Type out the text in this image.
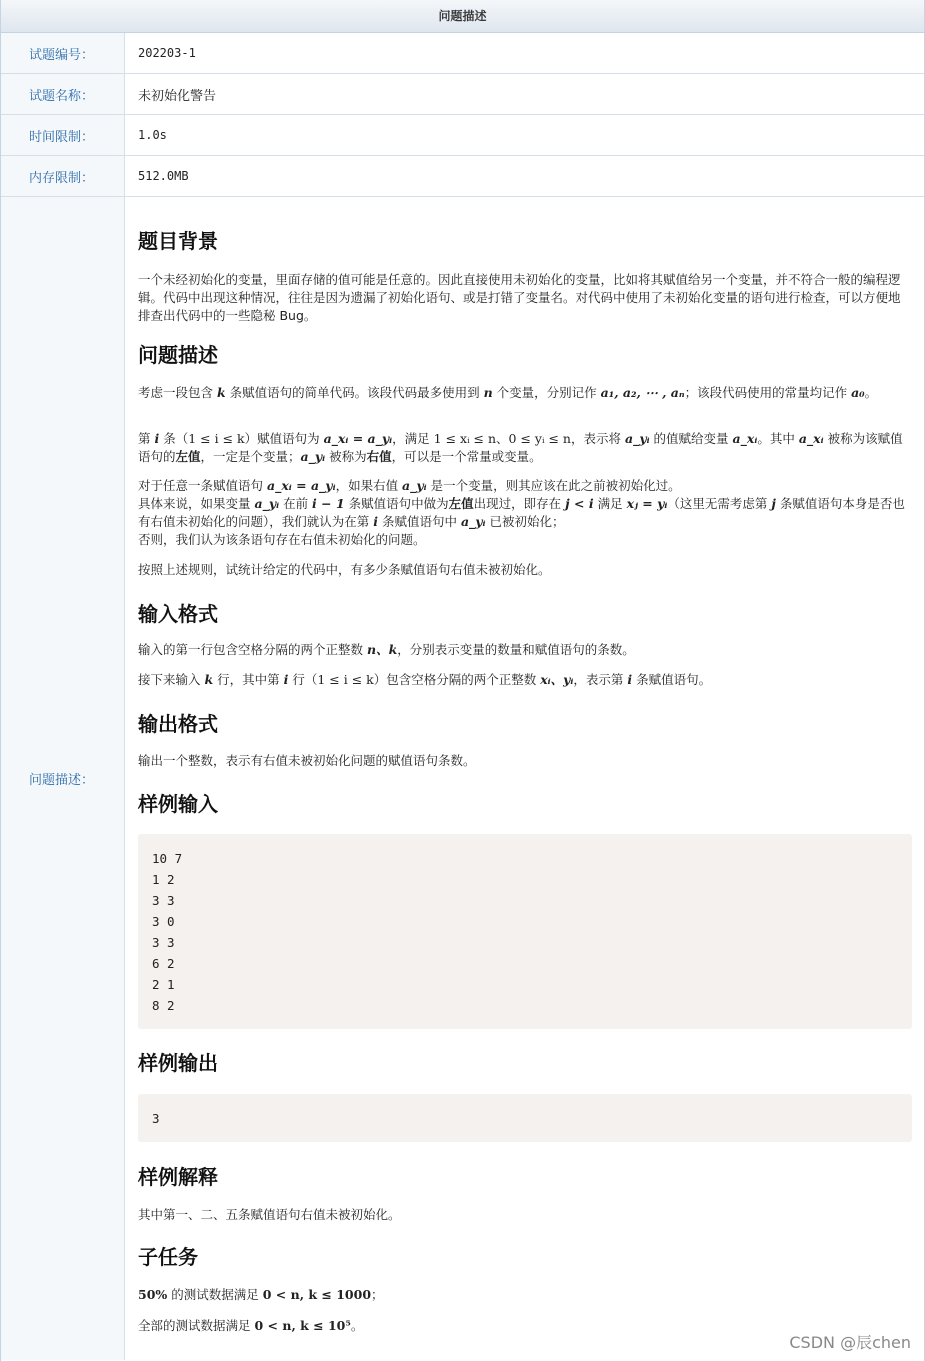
问题描述
试题编号：	202203-1
试题名称：	未初始化警告
时间限制：	1.0s
内存限制：	512.0MB
问题描述：
题目背景

一个未经初始化的变量，里面存储的值可能是任意的。因此直接使用未初始化的变量，比如将其赋值给另一个变量，并不符合一般的编程逻辑。代码中出现这种情况，往往是因为遗漏了初始化语句、或是打错了变量名。对代码中使用了未初始化变量的语句进行检查，可以方便地排查出代码中的一些隐秘 Bug。

问题描述

考虑一段包含 k 条赋值语句的简单代码。该段代码最多使用到 n 个变量，分别记作 a₁, a₂, ⋯ , aₙ；该段代码使用的常量均记作 a₀。

第 i 条（1 ≤ i ≤ k）赋值语句为 a_xᵢ = a_yᵢ，满足 1 ≤ xᵢ ≤ n、0 ≤ yᵢ ≤ n，表示将 a_yᵢ 的值赋给变量 a_xᵢ。其中 a_xᵢ 被称为该赋值语句的左值，一定是个变量；a_yᵢ 被称为右值，可以是一个常量或变量。

对于任意一条赋值语句 a_xᵢ = a_yᵢ，如果右值 a_yᵢ 是一个变量，则其应该在此之前被初始化过。
具体来说，如果变量 a_yᵢ 在前 i − 1 条赋值语句中做为左值出现过，即存在 j < i 满足 xⱼ = yᵢ（这里无需考虑第 j 条赋值语句本身是否也有右值未初始化的问题），我们就认为在第 i 条赋值语句中 a_yᵢ 已被初始化；
否则，我们认为该条语句存在右值未初始化的问题。

按照上述规则，试统计给定的代码中，有多少条赋值语句右值未被初始化。

输入格式

输入的第一行包含空格分隔的两个正整数 n、k，分别表示变量的数量和赋值语句的条数。

接下来输入 k 行，其中第 i 行（1 ≤ i ≤ k）包含空格分隔的两个正整数 xᵢ、yᵢ，表示第 i 条赋值语句。

输出格式

输出一个整数，表示有右值未被初始化问题的赋值语句条数。

样例输入
10 7
1 2
3 3
3 0
3 3
6 2
2 1
8 2
样例输出
3
样例解释

其中第一、二、五条赋值语句右值未被初始化。

子任务

50% 的测试数据满足 0 < n, k ≤ 1000；

全部的测试数据满足 0 < n, k ≤ 10⁵。

CSDN @辰chen
